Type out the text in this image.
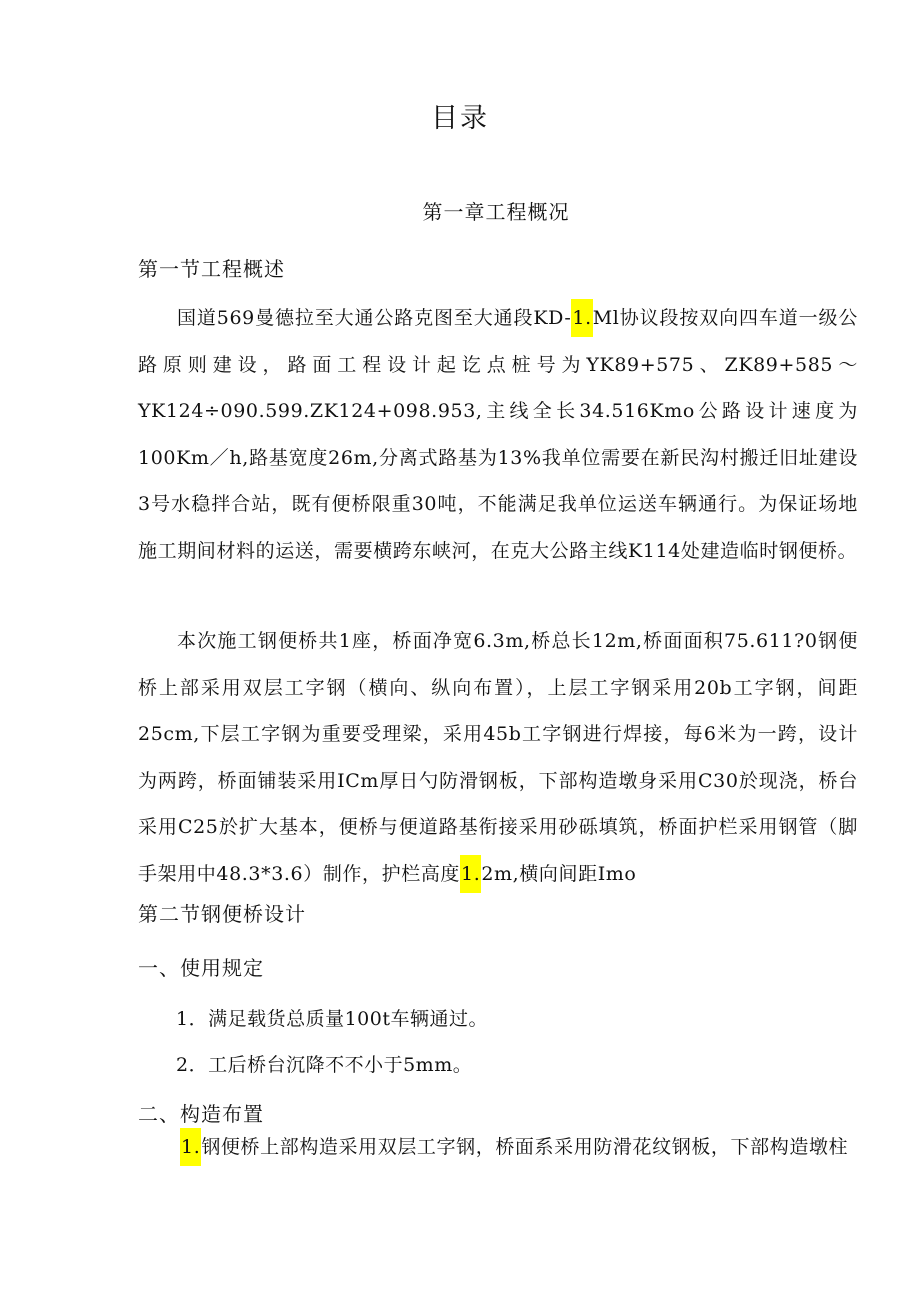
目录
第一章工程概况
第一节工程概述

国道569曼德拉至大通公路克图至大通段KD-1.Ml协议段按双向四车道一级公路原则建设，路面工程设计起讫点桩号为YK89+575、ZK89+585～YK124÷090.599.ZK124+098.953,主线全长34.516Kmo公路设计速度为100Km／h,路基宽度26m,分离式路基为13%我单位需要在新民沟村搬迁旧址建设3号水稳拌合站，既有便桥限重30吨，不能满足我单位运送车辆通行。为保证场地施工期间材料的运送，需要横跨东峡河，在克大公路主线K114处建造临时钢便桥。

本次施工钢便桥共1座，桥面净宽6.3m,桥总长12m,桥面面积75.611?0钢便桥上部采用双层工字钢（横向、纵向布置），上层工字钢采用20b工字钢，间距25cm,下层工字钢为重要受理梁，采用45b工字钢进行焊接，每6米为一跨，设计为两跨，桥面铺装采用ICm厚日勺防滑钢板，下部构造墩身采用C30於现浇，桥台采用C25於扩大基本，便桥与便道路基衔接采用砂砾填筑，桥面护栏采用钢管（脚手架用中48.3*3.6）制作，护栏高度1.2m,横向间距Imo

第二节钢便桥设计
一、使用规定

1．满足载货总质量100t车辆通过。

2．工后桥台沉降不不小于5mm。

二、构造布置

1.钢便桥上部构造采用双层工字钢，桥面系采用防滑花纹钢板，下部构造墩柱
